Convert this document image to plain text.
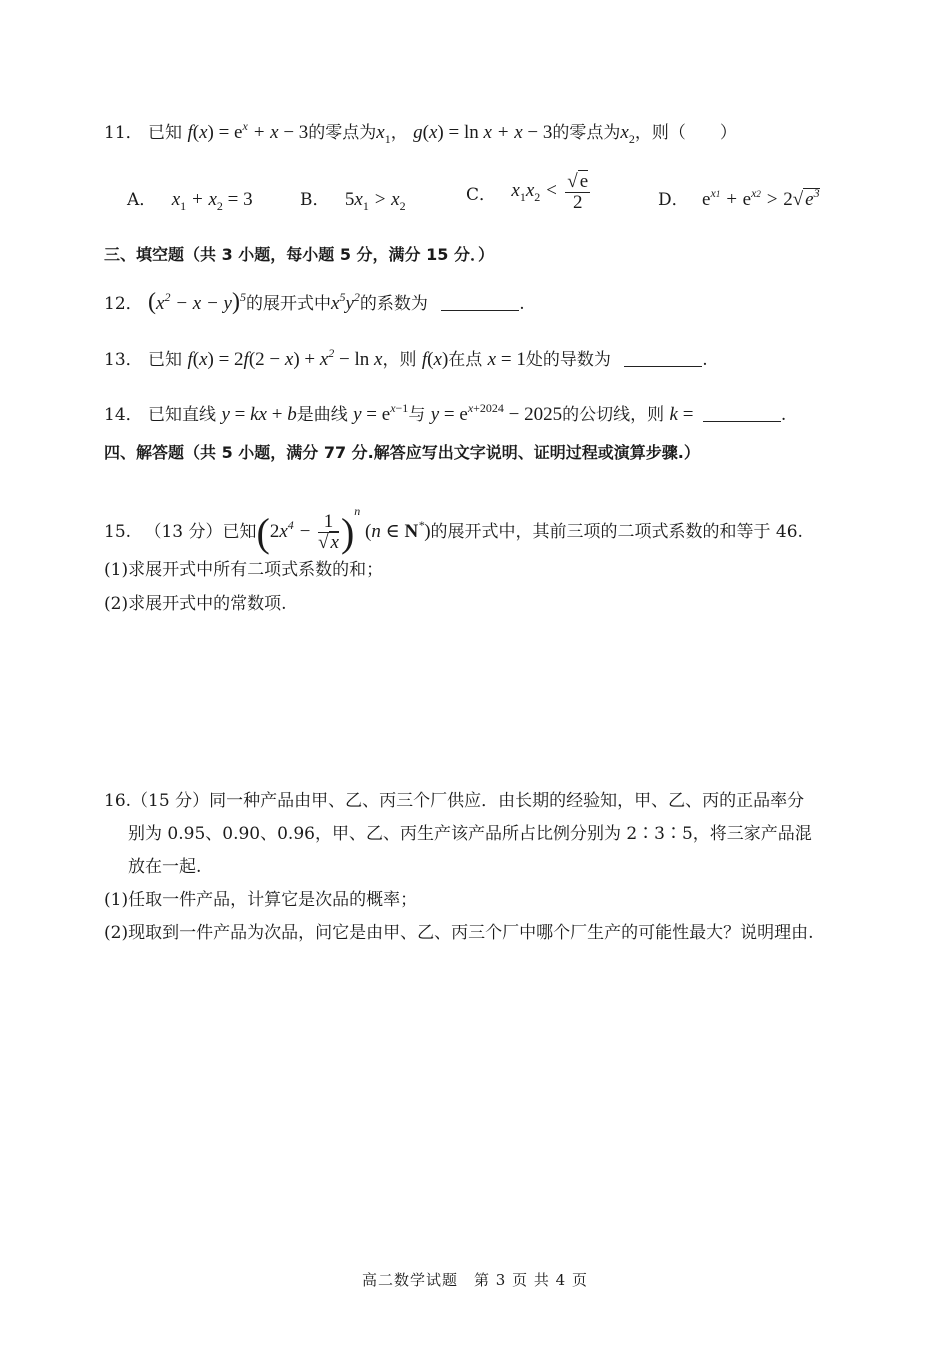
11． 已知 $f(x) = e^x + x - 3$的零点为$x_1$， g(x) = ln x + x − 3的零点为$x_2$，则（　　）
A． $x_1 + x_2 = 3$	B． $5x_1 > x_2$
C． $x_1x_2 < \frac{√ e}{2}$	D． $e^{x1} + e^{x2} > 2√$ $e^3$
三、填空题（共 3 小题，每小题 5 分，满分 15 分．）
12． $(x^2 - x - y)^5$的展开式中$x^5y^2$的系数为	.
13． 已知 $f(x) = 2f(2 - x) + x^2 - \ln x$，则 f(x)在点 x = 1处的导数为	.
14． 已知直线 y = kx + b是曲线 $y = e^{x-1}$与 $y = e^{x+2024} - 2025$的公切线，则 k =	.
四、解答题（共 5 小题，满分 77 分.解答应写出文字说明、证明过程或演算步骤.）
15. （13 分）已知$(2x^4 - \frac{1}{√ x} )^n$ (n ∈ N*)的展开式中，其前三项的二项式系数的和等于 46.
(1)求展开式中所有二项式系数的和；
(2)求展开式中的常数项.
16.（15 分）同一种产品由甲、乙、丙三个厂供应．由长期的经验知，甲、乙、丙的正品率分
别为 0.95、0.90、0.96，甲、乙、丙生产该产品所占比例分别为 2∶3∶5，将三家产品混
放在一起.
(1)任取一件产品，计算它是次品的概率；
(2)现取到一件产品为次品，问它是由甲、乙、丙三个厂中哪个厂生产的可能性最大？说明理由.
高二数学试题　第 3 页 共 4 页
